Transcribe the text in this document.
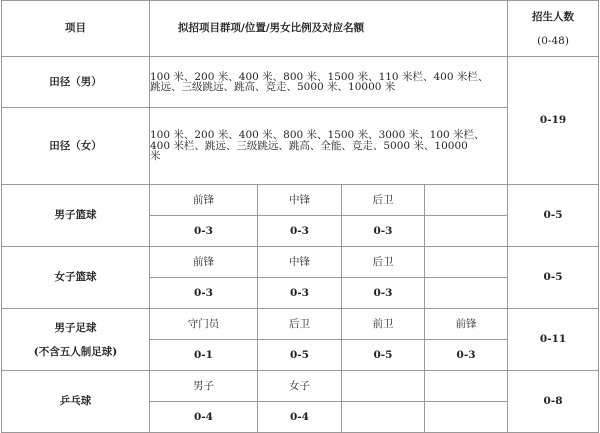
项目	拟招项目群项/位置/男女比例及对应名额				招生人数
(0-48)

田径（男）	100 米、200 米、400 米、800 米、1500 米、110 米栏、400 米栏、
跳远、三级跳远、跳高、竞走、5000 米、10000 米				0-19
田径（女）	100 米、200 米、400 米、800 米、1500 米、3000 米、100 米栏、
400 米栏、跳远、三级跳远、跳高、全能、竞走、5000 米、10000
米				

男子篮球	前锋	中锋	后卫		0-5
	0-3	0-3	0-3		
女子篮球	前锋	中锋	后卫		0-5
	0-3	0-3	0-3		

男子足球
(不含五人制足球)	守门员	后卫	前卫	前锋	0-11
	0-1	0-5	0-5	0-3	
乒乓球	男子	女子			0-8
	0-4	0-4			
